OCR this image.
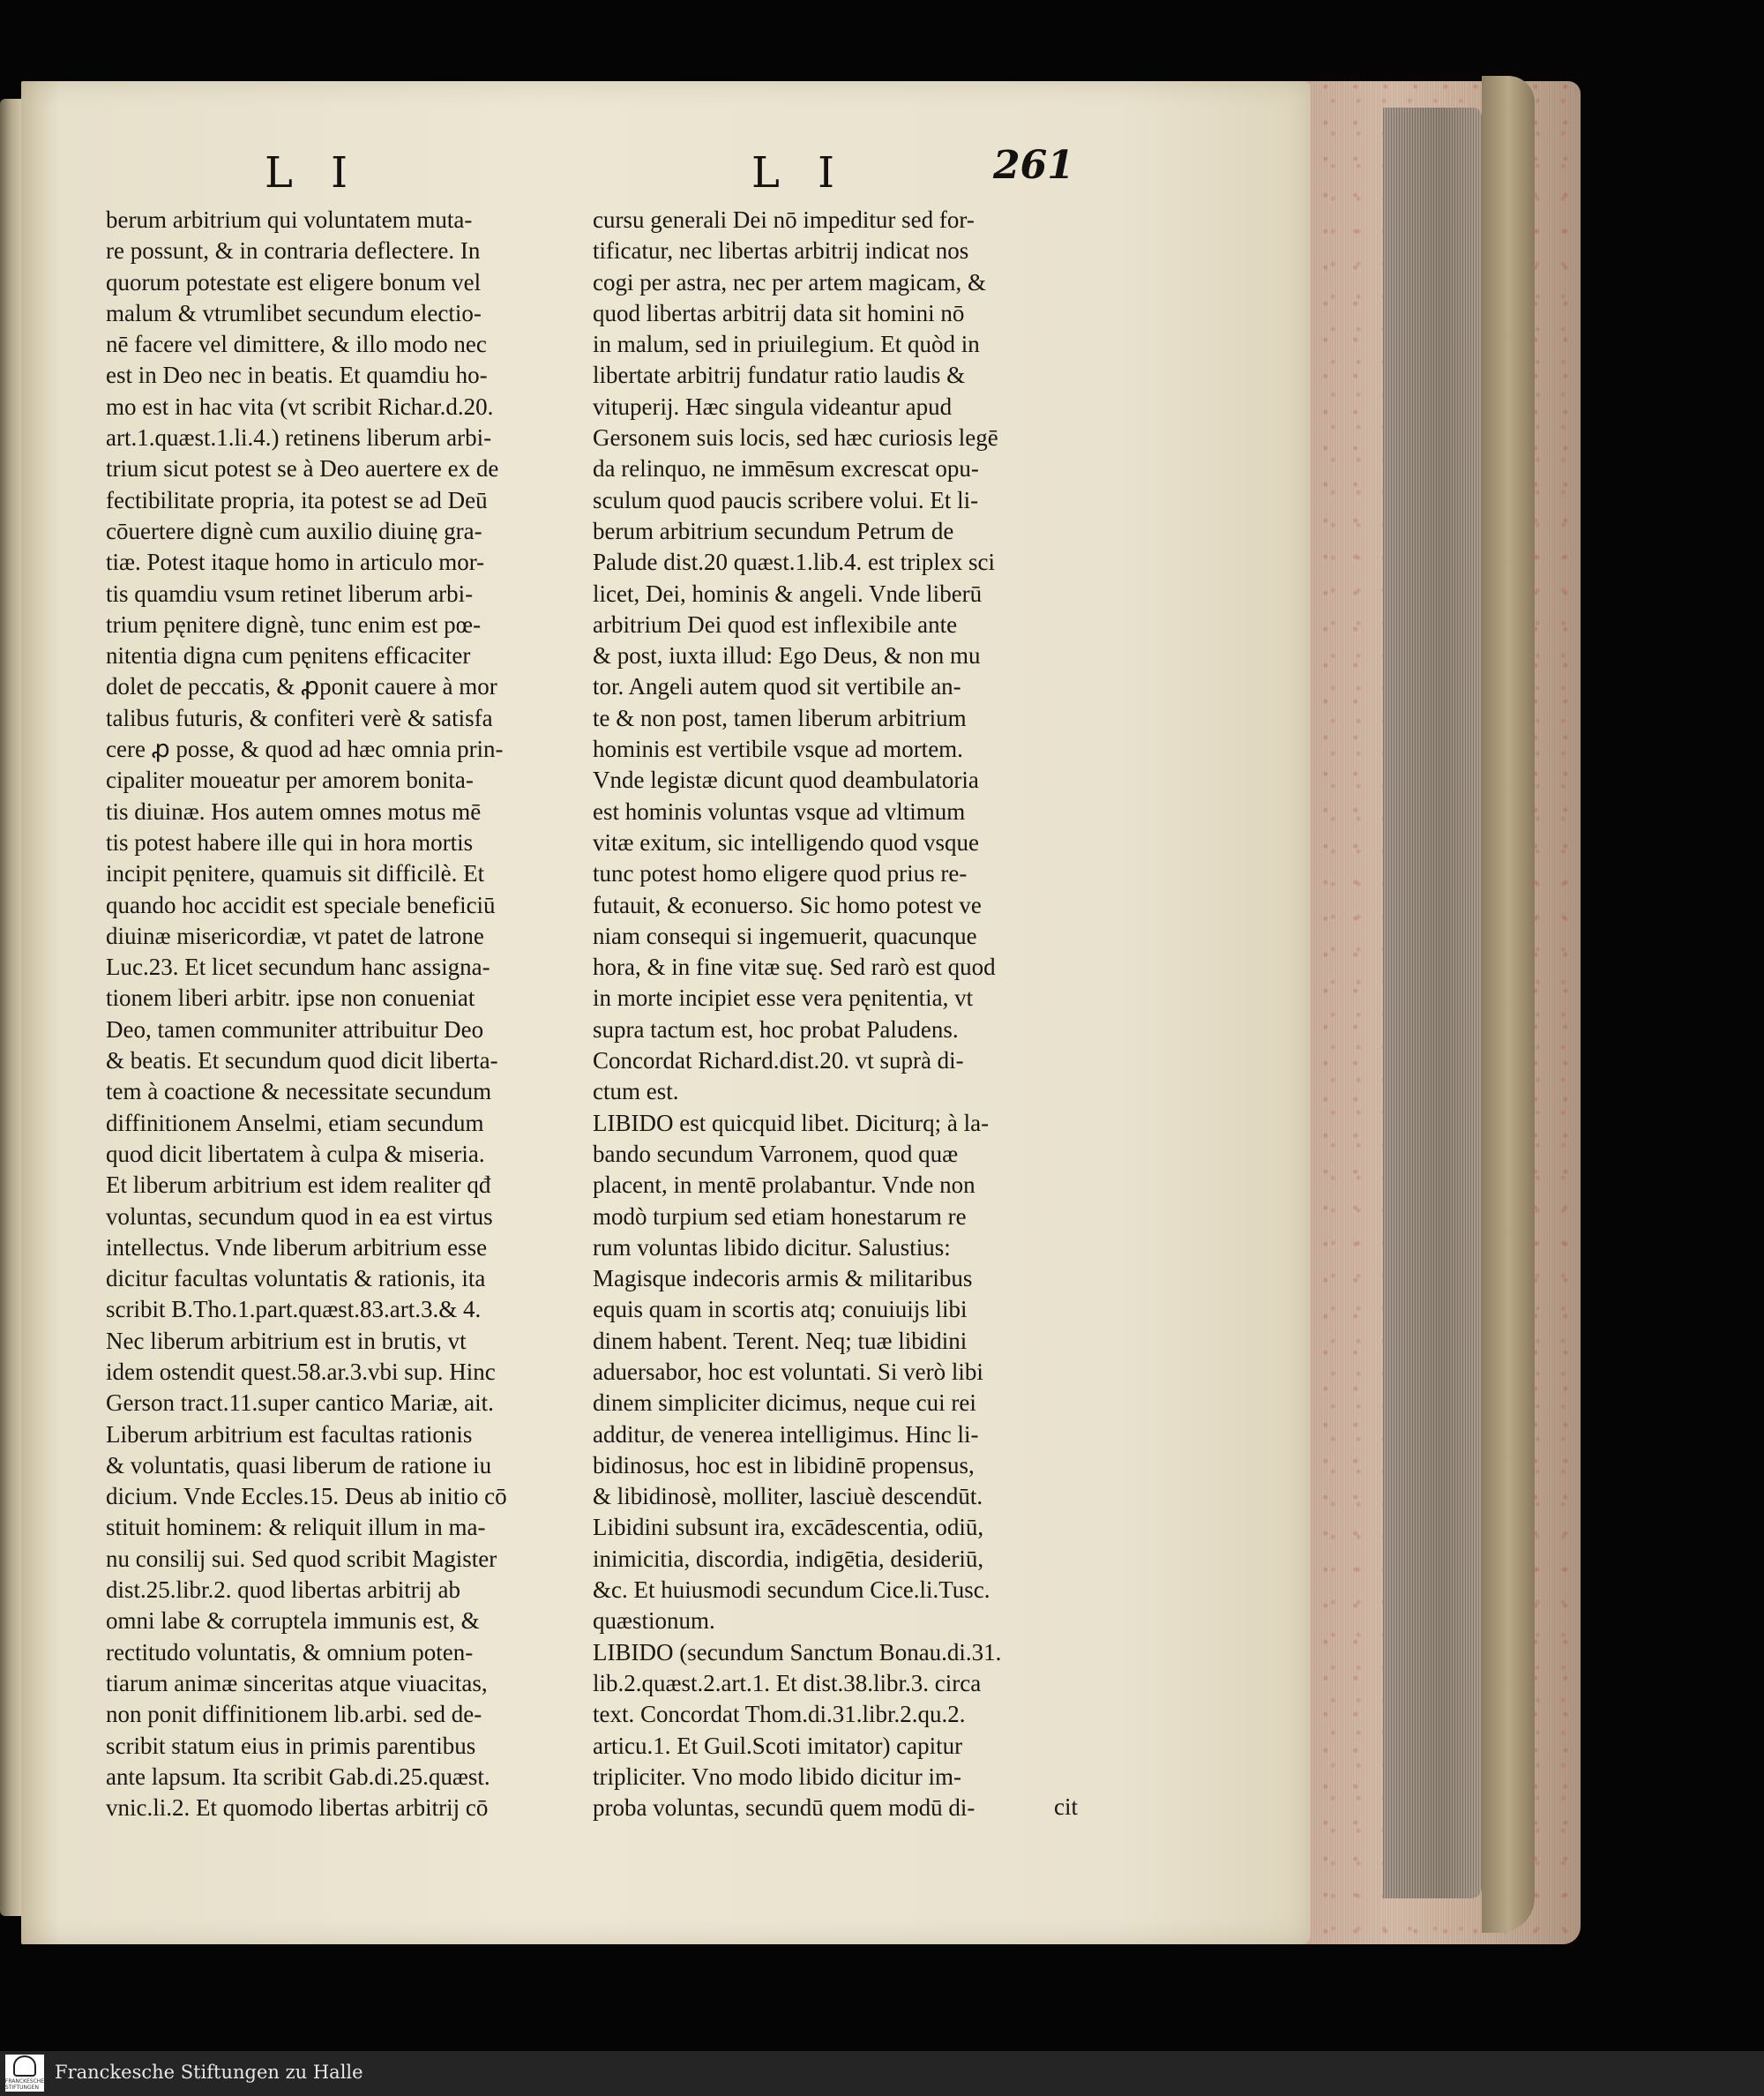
L I	L I	261
berum arbitrium qui voluntatem muta-
re possunt, & in contraria deflectere. In
quorum potestate est eligere bonum vel
malum & vtrumlibet secundum electio-
nē facere vel dimittere, & illo modo nec
est in Deo nec in beatis. Et quamdiu ho-
mo est in hac vita (vt scribit Richar.d.20.
art.1.quæst.1.li.4.) retinens liberum arbi-
trium sicut potest se à Deo auertere ex de
fectibilitate propria, ita potest se ad Deū
cōuertere dignè cum auxilio diuinę gra-
tiæ. Potest itaque homo in articulo mor-
tis quamdiu vsum retinet liberum arbi-
trium pęnitere dignè, tunc enim est pœ-
nitentia digna cum pęnitens efficaciter
dolet de peccatis, & ꝓponit cauere à mor
talibus futuris, & confiteri verè & satisfa
cere ꝓ posse, & quod ad hæc omnia prin-
cipaliter moueatur per amorem bonita-
tis diuinæ. Hos autem omnes motus mē
tis potest habere ille qui in hora mortis
incipit pęnitere, quamuis sit difficilè. Et
quando hoc accidit est speciale beneficiū
diuinæ misericordiæ, vt patet de latrone
Luc.23. Et licet secundum hanc assigna-
tionem liberi arbitr. ipse non conueniat
Deo, tamen communiter attribuitur Deo
& beatis. Et secundum quod dicit liberta-
tem à coactione & necessitate secundum
diffinitionem Anselmi, etiam secundum
quod dicit libertatem à culpa & miseria.
Et liberum arbitrium est idem realiter qđ
voluntas, secundum quod in ea est virtus
intellectus. Vnde liberum arbitrium esse
dicitur facultas voluntatis & rationis, ita
scribit B.Tho.1.part.quæst.83.art.3.& 4.
Nec liberum arbitrium est in brutis, vt
idem ostendit quest.58.ar.3.vbi sup. Hinc
Gerson tract.11.super cantico Mariæ, ait.
Liberum arbitrium est facultas rationis
& voluntatis, quasi liberum de ratione iu
dicium. Vnde Eccles.15. Deus ab initio cō
stituit hominem: & reliquit illum in ma-
nu consilij sui. Sed quod scribit Magister
dist.25.libr.2. quod libertas arbitrij ab
omni labe & corruptela immunis est, &
rectitudo voluntatis, & omnium poten-
tiarum animæ sinceritas atque viuacitas,
non ponit diffinitionem lib.arbi. sed de-
scribit statum eius in primis parentibus
ante lapsum. Ita scribit Gab.di.25.quæst.
vnic.li.2. Et quomodo libertas arbitrij cō
cursu generali Dei nō impeditur sed for-
tificatur, nec libertas arbitrij indicat nos
cogi per astra, nec per artem magicam, &
quod libertas arbitrij data sit homini nō
in malum, sed in priuilegium. Et quòd in
libertate arbitrij fundatur ratio laudis &
vituperij. Hæc singula videantur apud
Gersonem suis locis, sed hæc curiosis legē
da relinquo, ne immēsum excrescat opu-
sculum quod paucis scribere volui. Et li-
berum arbitrium secundum Petrum de
Palude dist.20 quæst.1.lib.4. est triplex sci
licet, Dei, hominis & angeli. Vnde liberū
arbitrium Dei quod est inflexibile ante
& post, iuxta illud: Ego Deus, & non mu
tor. Angeli autem quod sit vertibile an-
te & non post, tamen liberum arbitrium
hominis est vertibile vsque ad mortem.
Vnde legistæ dicunt quod deambulatoria
est hominis voluntas vsque ad vltimum
vitæ exitum, sic intelligendo quod vsque
tunc potest homo eligere quod prius re-
futauit, & econuerso. Sic homo potest ve
niam consequi si ingemuerit, quacunque
hora, & in fine vitæ suę. Sed rarò est quod
in morte incipiet esse vera pęnitentia, vt
supra tactum est, hoc probat Paludens.
Concordat Richard.dist.20. vt suprà di-
ctum est.
LIBIDO est quicquid libet. Diciturq; à la-
bando secundum Varronem, quod quæ
placent, in mentē prolabantur. Vnde non
modò turpium sed etiam honestarum re
rum voluntas libido dicitur. Salustius:
Magisque indecoris armis & militaribus
equis quam in scortis atq; conuiuijs libi
dinem habent. Terent. Neq; tuæ libidini
aduersabor, hoc est voluntati. Si verò libi
dinem simpliciter dicimus, neque cui rei
additur, de venerea intelligimus. Hinc li-
bidinosus, hoc est in libidinē propensus,
& libidinosè, molliter, lasciuè descendūt.
Libidini subsunt ira, excādescentia, odiū,
inimicitia, discordia, indigētia, desideriū,
&c. Et huiusmodi secundum Cice.li.Tusc.
quæstionum.
LIBIDO (secundum Sanctum Bonau.di.31.
lib.2.quæst.2.art.1. Et dist.38.libr.3. circa
text. Concordat Thom.di.31.libr.2.qu.2.
articu.1. Et Guil.Scoti imitator) capitur
tripliciter. Vno modo libido dicitur im-
proba voluntas, secundū quem modū di-	cit
FRANCKESCHE STIFTUNGEN
Franckesche Stiftungen zu Halle
